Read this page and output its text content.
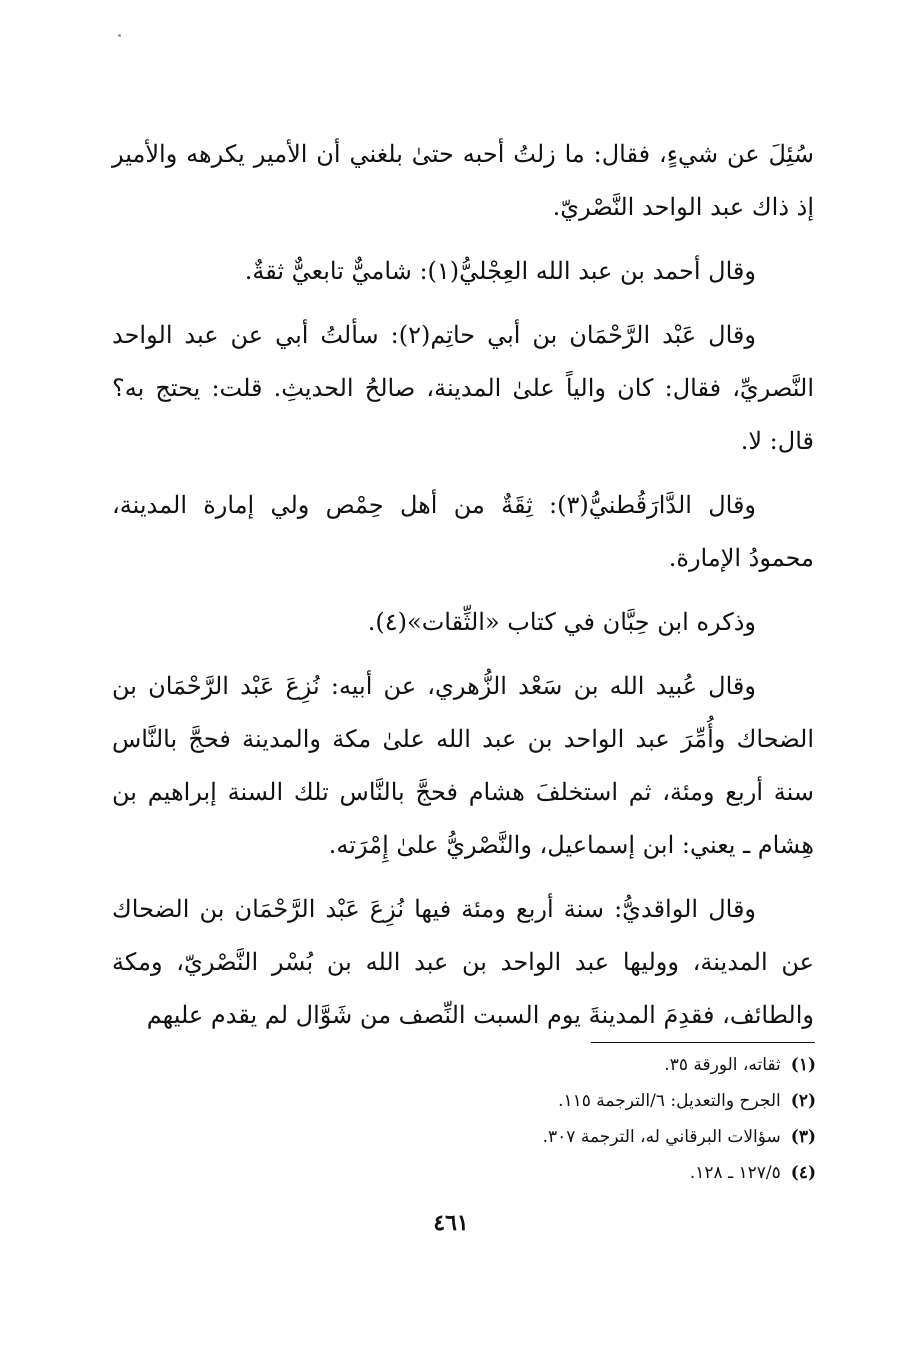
سُئِلَ عن شيءٍ، فقال: ما زلتُ أحبه حتىٰ بلغني أن الأمير يكرهه والأمير إذ ذاك عبد الواحد النَّصْريّ.

وقال أحمد بن عبد الله العِجْليُّ(١): شاميٌّ تابعيٌّ ثقةٌ.

وقال عَبْد الرَّحْمَان بن أبي حاتِم(٢): سألتُ أبي عن عبد الواحد النَّصريِّ، فقال: كان والياً علىٰ المدينة، صالحُ الحديثِ. قلت: يحتج به؟ قال: لا.

وقال الدَّارَقُطنيُّ(٣): ثِقَةٌ من أهل حِمْص ولي إمارة المدينة، محمودُ الإمارة.

وذكره ابن حِبَّان في كتاب «الثِّقات»(٤).

وقال عُبيد الله بن سَعْد الزُّهري، عن أبيه: نُزِعَ عَبْد الرَّحْمَان بن الضحاك وأُمِّرَ عبد الواحد بن عبد الله علىٰ مكة والمدينة فحجَّ بالنَّاس سنة أربع ومئة، ثم استخلفَ هشام فحجَّ بالنَّاس تلك السنة إبراهيم بن هِشام ـ يعني: ابن إسماعيل، والنَّصْريُّ علىٰ إِمْرَته.

وقال الواقديُّ: سنة أربع ومئة فيها نُزِعَ عَبْد الرَّحْمَان بن الضحاك عن المدينة، ووليها عبد الواحد بن عبد الله بن بُسْر النَّصْريّ، ومكة والطائف، فقدِمَ المدينةَ يوم السبت النِّصف من شَوَّال لم يقدم عليهم

(١)ثقاته، الورقة ٣٥.

(٢)الجرح والتعديل: ٦/الترجمة ١١٥.

(٣)سؤالات البرقاني له، الترجمة ٣٠٧.

(٤)١٢٧/٥ ـ ١٢٨.

٤٦١
